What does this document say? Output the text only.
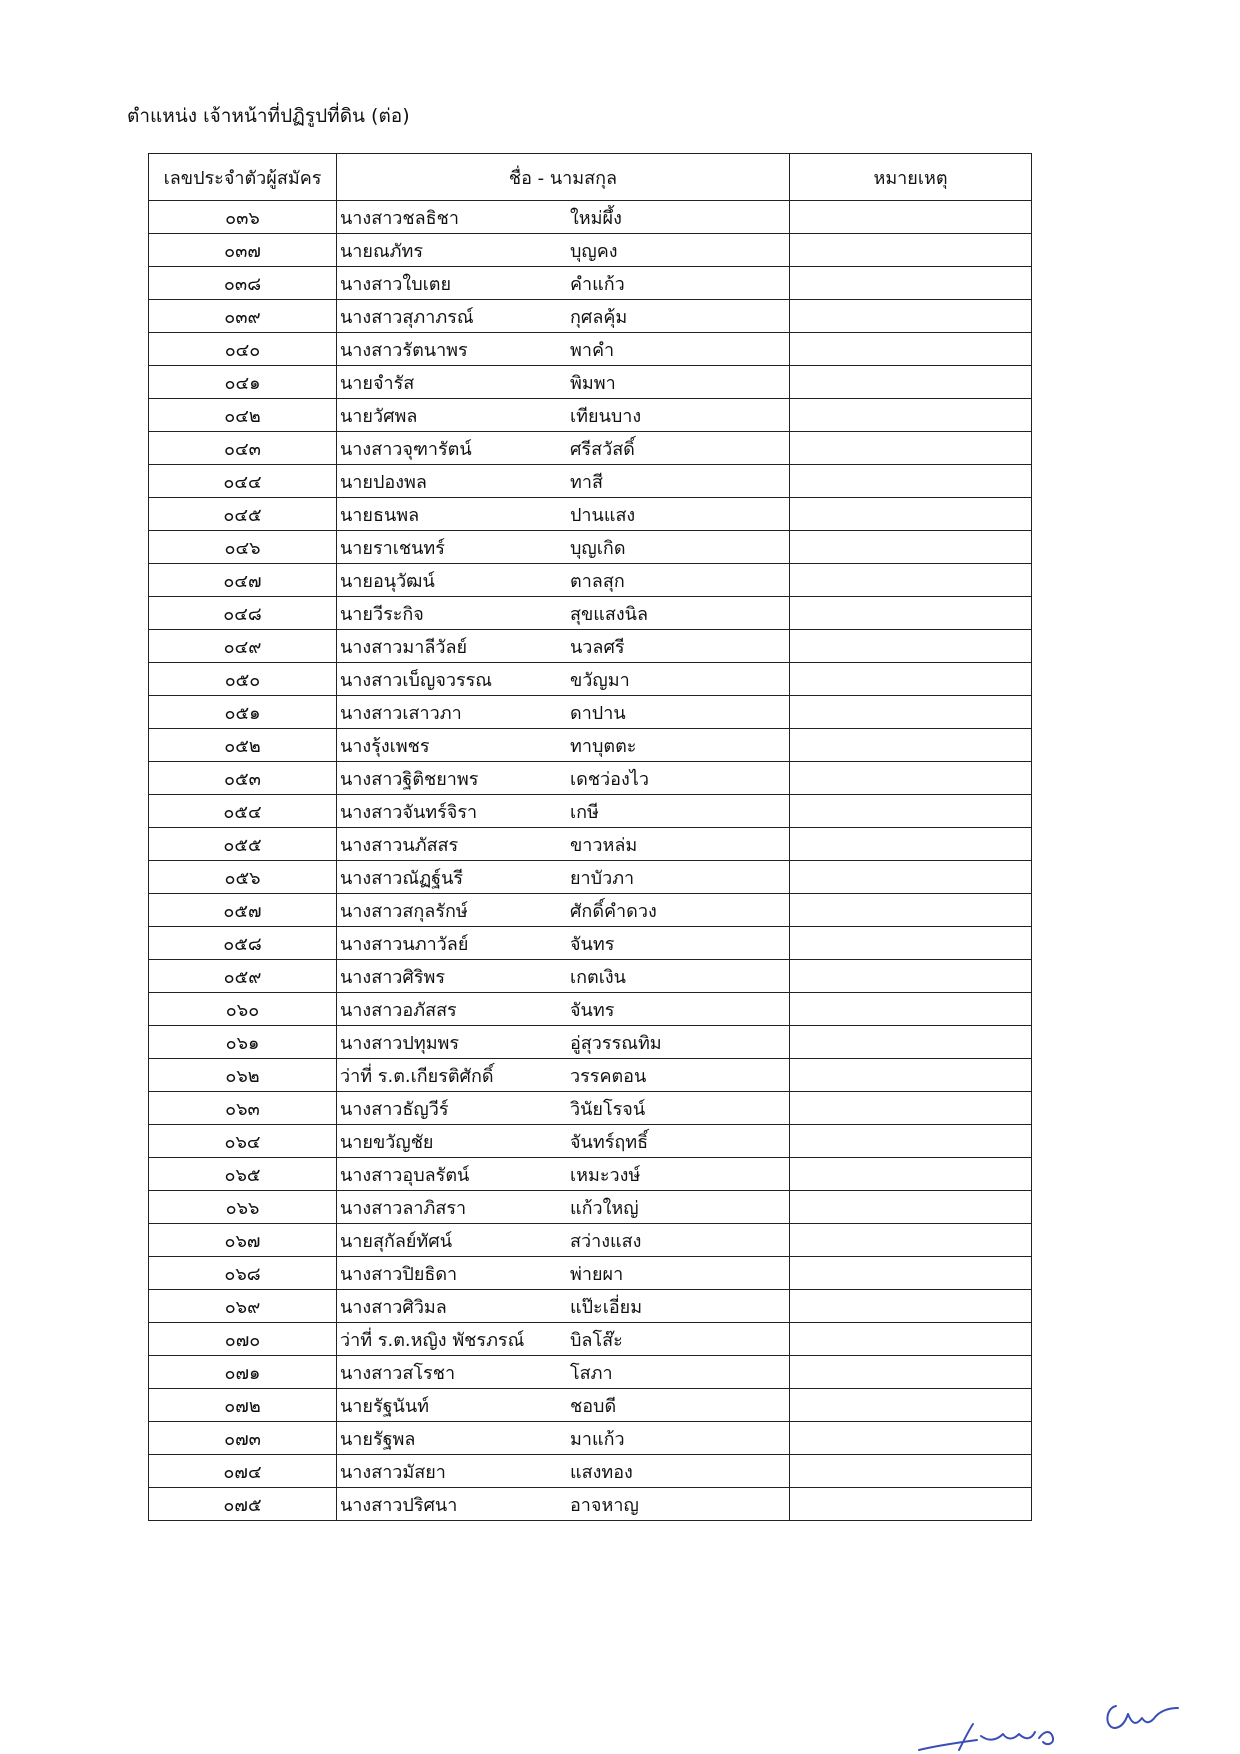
ตำแหน่ง เจ้าหน้าที่ปฏิรูปที่ดิน (ต่อ)
เลขประจำตัวผู้สมัคร	ชื่อ - นามสกุล	หมายเหตุ
๐๓๖	นางสาวชลธิชา ใหม่ผึ้ง	
๐๓๗	นายณภัทร บุญคง	
๐๓๘	นางสาวใบเตย คำแก้ว	
๐๓๙	นางสาวสุภาภรณ์ กุศลคุ้ม	
๐๔๐	นางสาวรัตนาพร พาคำ	
๐๔๑	นายจำรัส พิมพา	
๐๔๒	นายวัศพล เทียนบาง	
๐๔๓	นางสาวจุฑารัตน์ ศรีสวัสดิ์	
๐๔๔	นายปองพล ทาสี	
๐๔๕	นายธนพล ปานแสง	
๐๔๖	นายราเชนทร์ บุญเกิด	
๐๔๗	นายอนุวัฒน์ ตาลสุก	
๐๔๘	นายวีระกิจ สุขแสงนิล	
๐๔๙	นางสาวมาลีวัลย์ นวลศรี	
๐๕๐	นางสาวเบ็ญจวรรณ ขวัญมา	
๐๕๑	นางสาวเสาวภา ดาปาน	
๐๕๒	นางรุ้งเพชร ทาบุตตะ	
๐๕๓	นางสาวฐิติชยาพร เดชว่องไว	
๐๕๔	นางสาวจันทร์จิรา เกษี	
๐๕๕	นางสาวนภัสสร ขาวหล่ม	
๐๕๖	นางสาวณัฏฐ์นรี ยาบัวภา	
๐๕๗	นางสาวสกุลรักษ์ ศักดิ์คำดวง	
๐๕๘	นางสาวนภาวัลย์ จันทร	
๐๕๙	นางสาวศิริพร เกตเงิน	
๐๖๐	นางสาวอภัสสร จันทร	
๐๖๑	นางสาวปทุมพร อู่สุวรรณทิม	
๐๖๒	ว่าที่ ร.ต.เกียรติศักดิ์ วรรคตอน	
๐๖๓	นางสาวธัญวีร์ วินัยโรจน์	
๐๖๔	นายขวัญชัย จันทร์ฤทธิ์	
๐๖๕	นางสาวอุบลรัตน์ เหมะวงษ์	
๐๖๖	นางสาวลาภิสรา แก้วใหญ่	
๐๖๗	นายสุกัลย์ทัศน์ สว่างแสง	
๐๖๘	นางสาวปิยธิดา พ่ายผา	
๐๖๙	นางสาวศิวิมล แป๊ะเอี่ยม	
๐๗๐	ว่าที่ ร.ต.หญิง พัชรภรณ์ บิลโส๊ะ	
๐๗๑	นางสาวสโรชา โสภา	
๐๗๒	นายรัฐนันท์ ชอบดี	
๐๗๓	นายรัฐพล มาแก้ว	
๐๗๔	นางสาวมัสยา แสงทอง	
๐๗๕	นางสาวปริศนา อาจหาญ	
